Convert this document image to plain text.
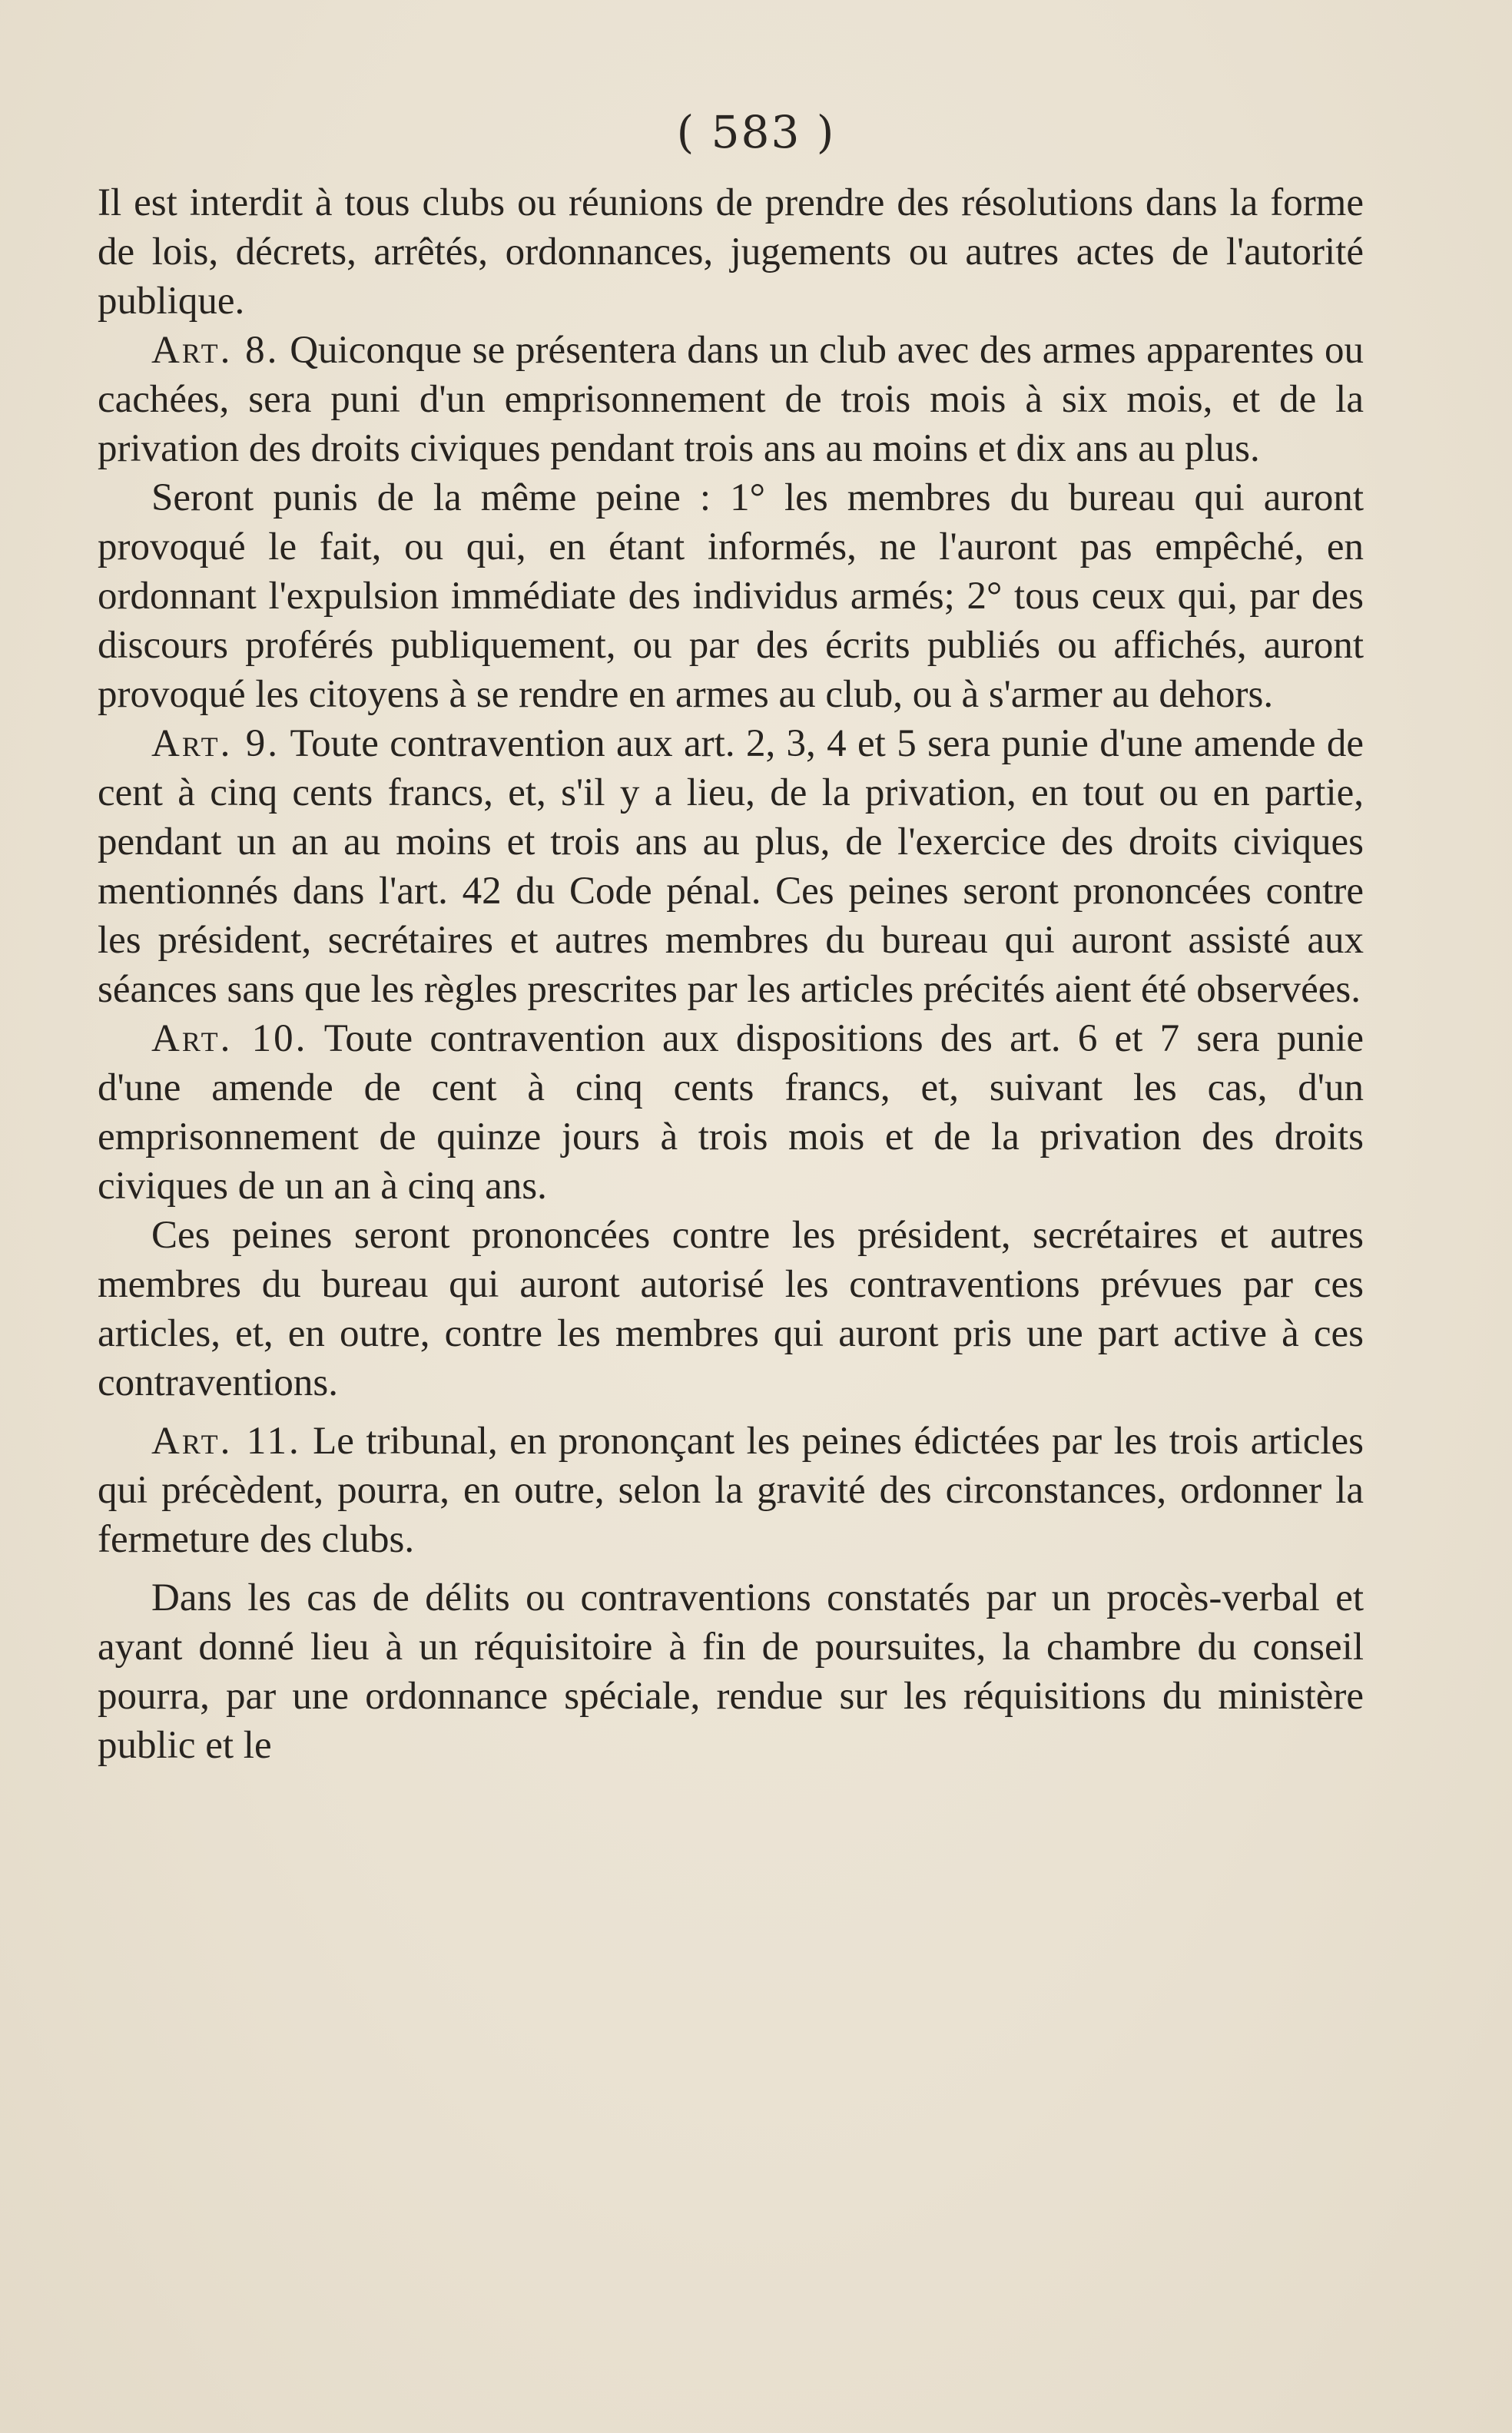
( 583 )

Il est interdit à tous clubs ou réunions de prendre des résolutions dans la forme de lois, décrets, arrêtés, ordonnances, jugements ou autres actes de l'autorité publique.

Art. 8. Quiconque se présentera dans un club avec des armes apparentes ou cachées, sera puni d'un emprisonnement de trois mois à six mois, et de la privation des droits civiques pendant trois ans au moins et dix ans au plus.

Seront punis de la même peine : 1° les membres du bureau qui auront provoqué le fait, ou qui, en étant informés, ne l'auront pas empêché, en ordonnant l'expulsion immédiate des individus armés; 2° tous ceux qui, par des discours proférés publiquement, ou par des écrits publiés ou affichés, auront provoqué les citoyens à se rendre en armes au club, ou à s'armer au dehors.

Art. 9. Toute contravention aux art. 2, 3, 4 et 5 sera punie d'une amende de cent à cinq cents francs, et, s'il y a lieu, de la privation, en tout ou en partie, pendant un an au moins et trois ans au plus, de l'exercice des droits civiques mentionnés dans l'art. 42 du Code pénal. Ces peines seront prononcées contre les président, secrétaires et autres membres du bureau qui auront assisté aux séances sans que les règles prescrites par les articles précités aient été observées.

Art. 10. Toute contravention aux dispositions des art. 6 et 7 sera punie d'une amende de cent à cinq cents francs, et, suivant les cas, d'un emprisonnement de quinze jours à trois mois et de la privation des droits civiques de un an à cinq ans.

Ces peines seront prononcées contre les président, secrétaires et autres membres du bureau qui auront autorisé les contraventions prévues par ces articles, et, en outre, contre les membres qui auront pris une part active à ces contraventions.

Art. 11. Le tribunal, en prononçant les peines édictées par les trois articles qui précèdent, pourra, en outre, selon la gravité des circonstances, ordonner la fermeture des clubs.

Dans les cas de délits ou contraventions constatés par un procès-verbal et ayant donné lieu à un réquisitoire à fin de poursuites, la chambre du conseil pourra, par une ordonnance spéciale, rendue sur les réquisitions du ministère public et le
